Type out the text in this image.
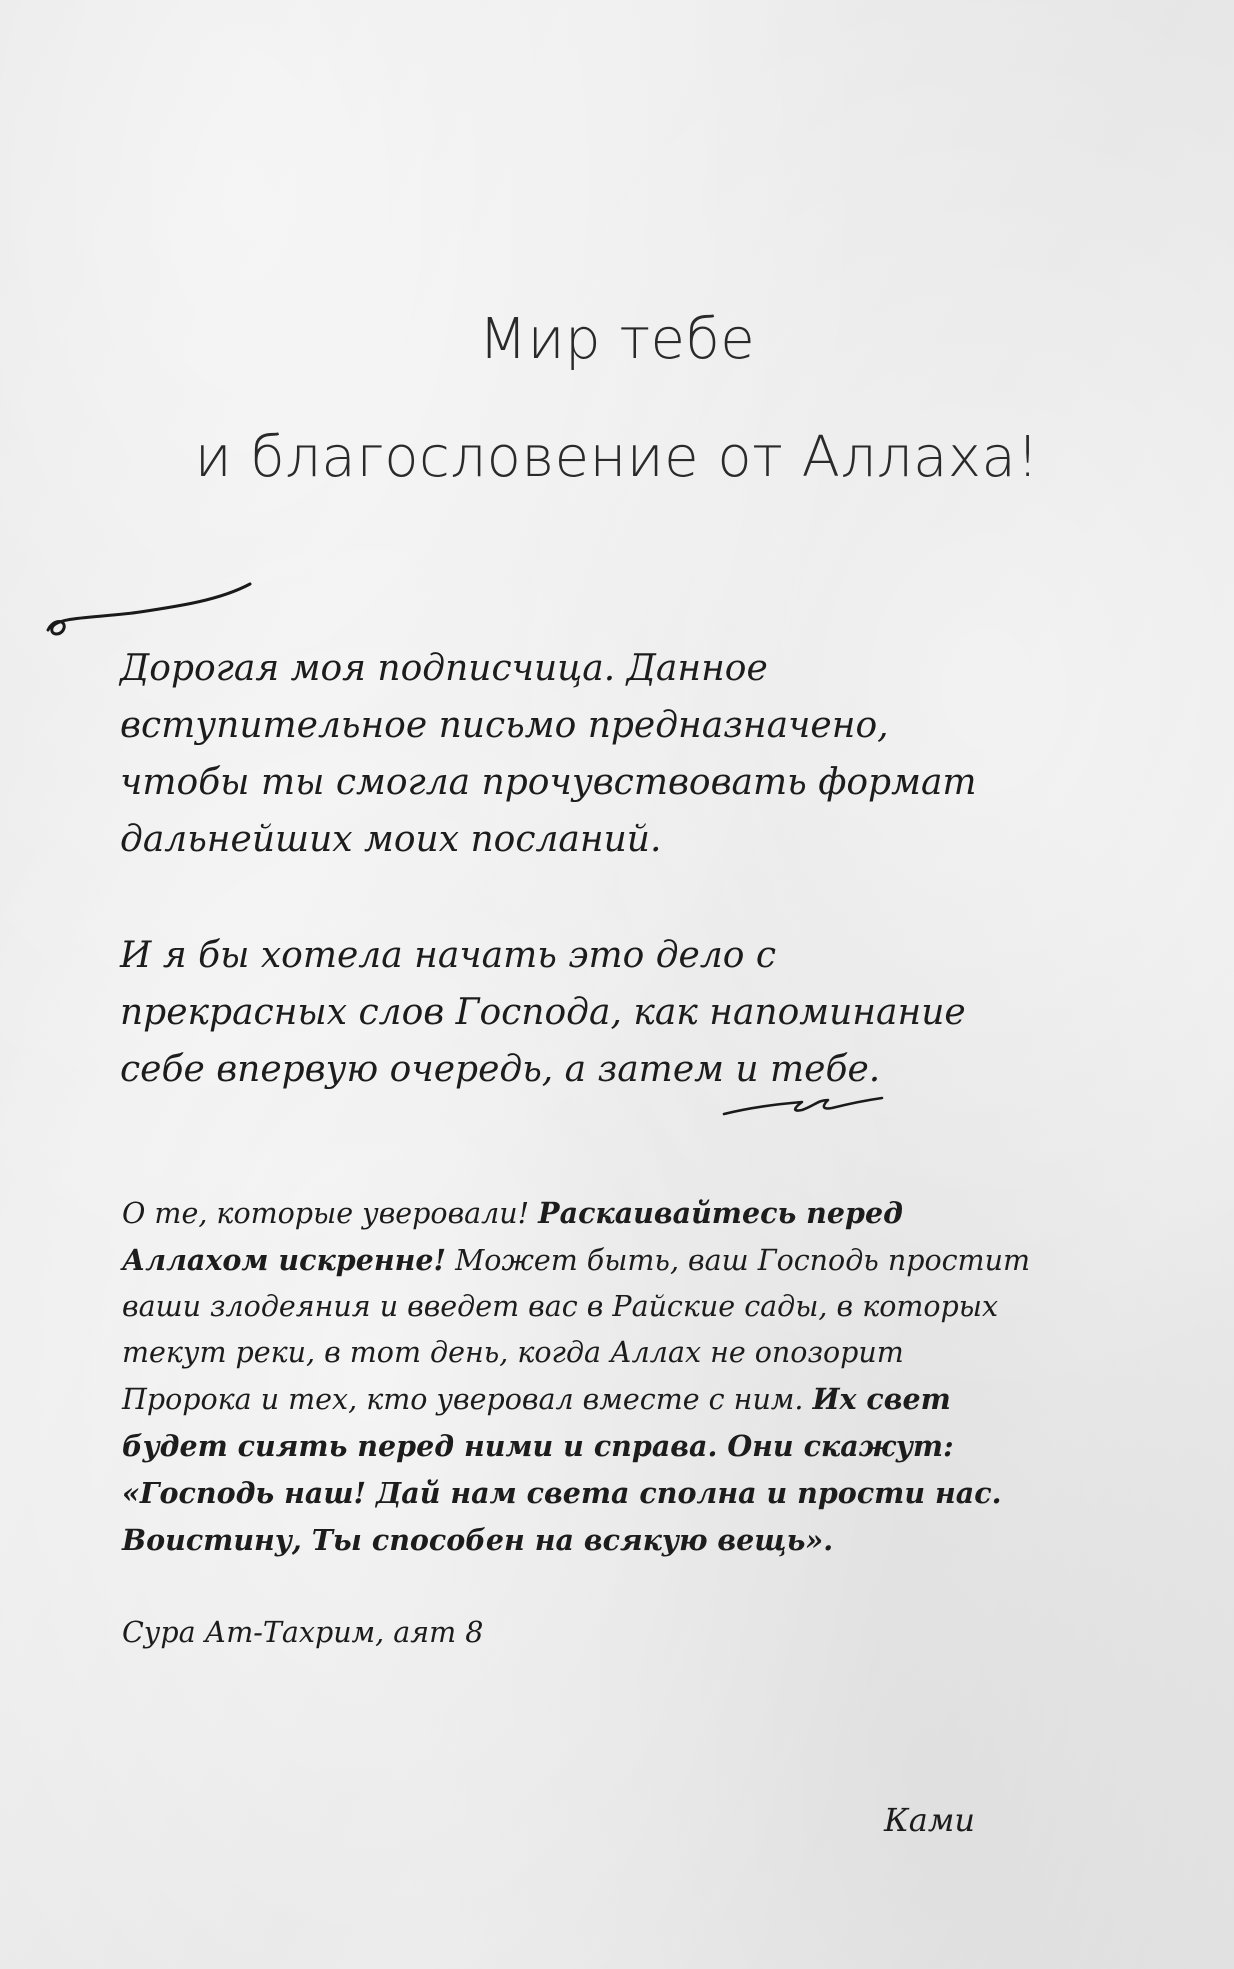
Мир тебе
и благословение от Аллаха!
Дорогая моя подписчица. Данное
вступительное письмо предназначено,
чтобы ты смогла прочувствовать формат
дальнейших моих посланий.
И я бы хотела начать это дело с
прекрасных слов Господа, как напоминание
себе впервую очередь, а затем и тебе.
О те, которые уверовали! Раскаивайтесь перед
Аллахом искренне! Может быть, ваш Господь простит
ваши злодеяния и введет вас в Райские сады, в которых
текут реки, в тот день, когда Аллах не опозорит
Пророка и тех, кто уверовал вместе с ним. Их свет
будет сиять перед ними и справа. Они скажут:
«Господь наш! Дай нам света сполна и прости нас.
Воистину, Ты способен на всякую вещь».

Сура Ат-Тахрим, аят 8

Ками
